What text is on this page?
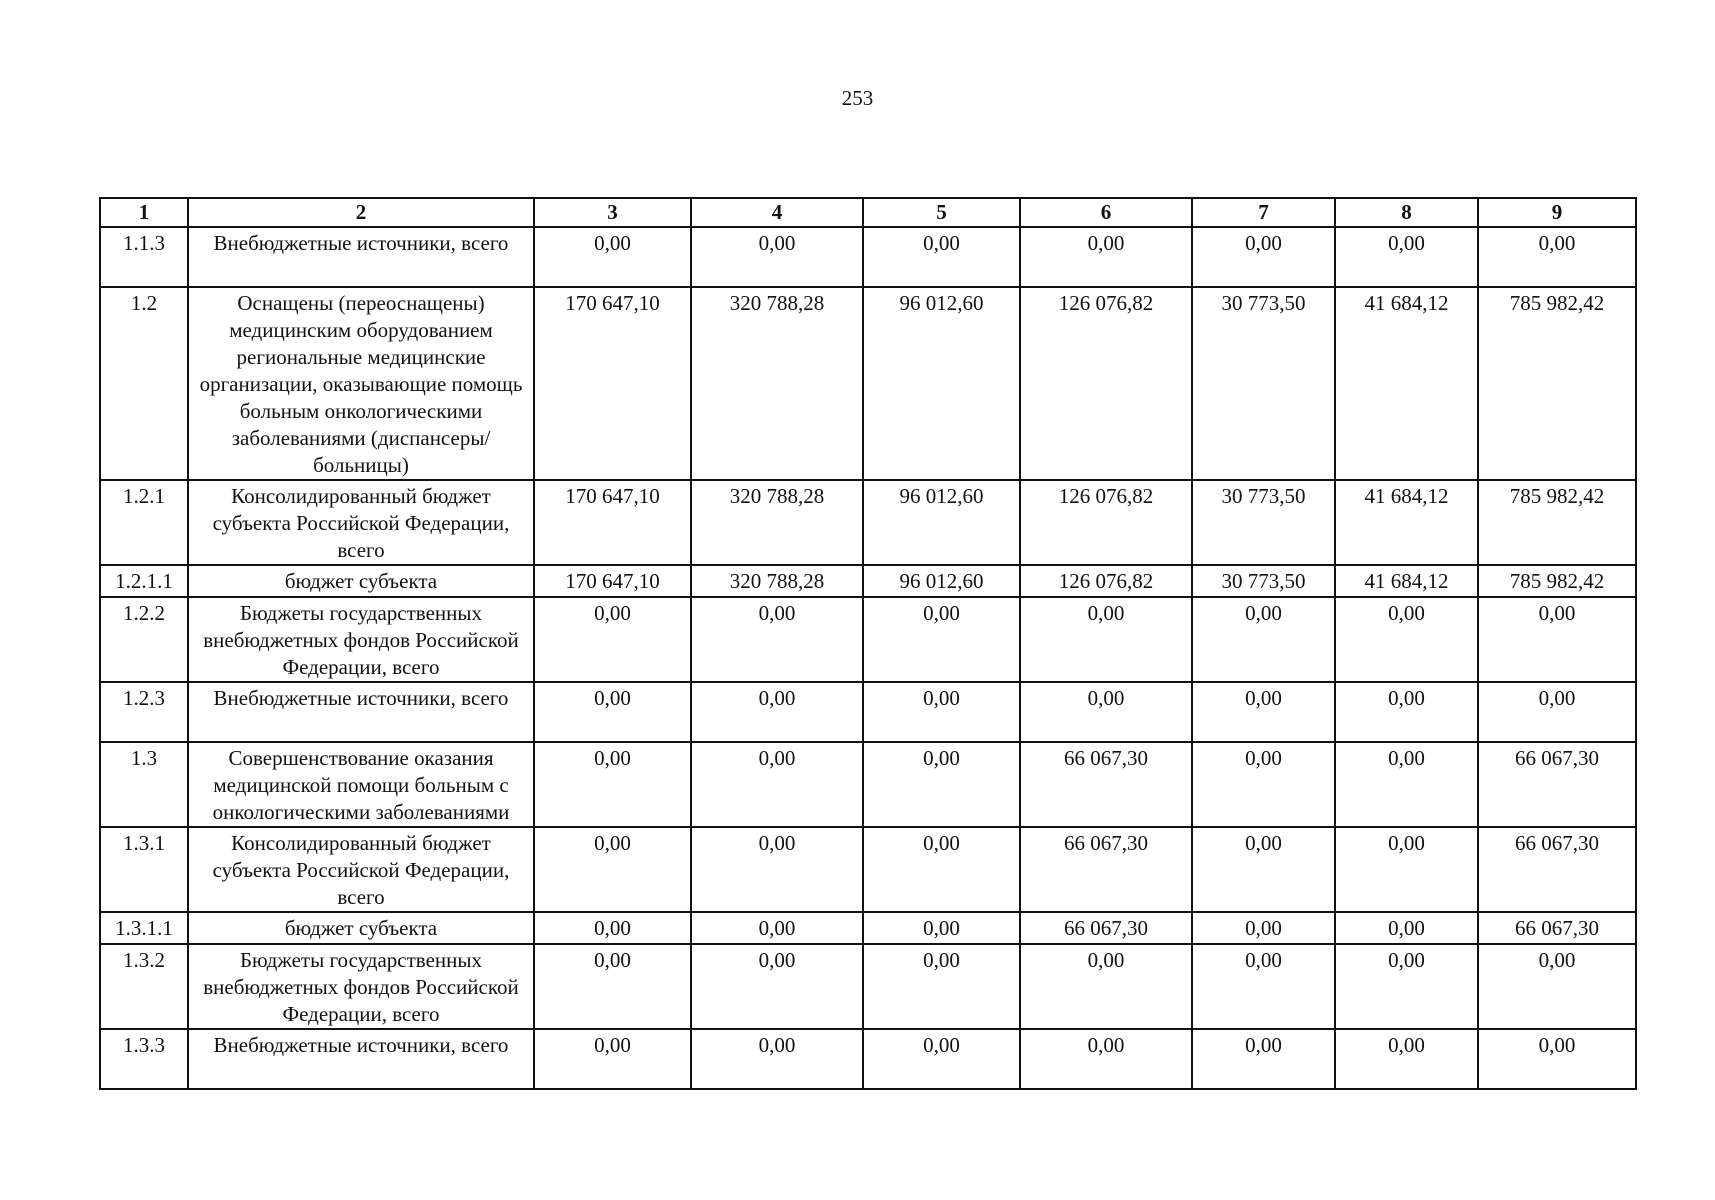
253
1	2	3	4	5	6	7	8	9
1.1.3	Внебюджетные источники, всего	0,00	0,00	0,00	0,00	0,00	0,00	0,00
1.2	Оснащены (переоснащены) медицинским оборудованием региональные медицинские организации, оказывающие помощь больным онкологическими заболеваниями (диспансеры/больницы)	170 647,10	320 788,28	96 012,60	126 076,82	30 773,50	41 684,12	785 982,42
1.2.1	Консолидированный бюджет субъекта Российской Федерации, всего	170 647,10	320 788,28	96 012,60	126 076,82	30 773,50	41 684,12	785 982,42
1.2.1.1	бюджет субъекта	170 647,10	320 788,28	96 012,60	126 076,82	30 773,50	41 684,12	785 982,42
1.2.2	Бюджеты государственных внебюджетных фондов Российской Федерации, всего	0,00	0,00	0,00	0,00	0,00	0,00	0,00
1.2.3	Внебюджетные источники, всего	0,00	0,00	0,00	0,00	0,00	0,00	0,00
1.3	Совершенствование оказания медицинской помощи больным с онкологическими заболеваниями	0,00	0,00	0,00	66 067,30	0,00	0,00	66 067,30
1.3.1	Консолидированный бюджет субъекта Российской Федерации, всего	0,00	0,00	0,00	66 067,30	0,00	0,00	66 067,30
1.3.1.1	бюджет субъекта	0,00	0,00	0,00	66 067,30	0,00	0,00	66 067,30
1.3.2	Бюджеты государственных внебюджетных фондов Российской Федерации, всего	0,00	0,00	0,00	0,00	0,00	0,00	0,00
1.3.3	Внебюджетные источники, всего	0,00	0,00	0,00	0,00	0,00	0,00	0,00
